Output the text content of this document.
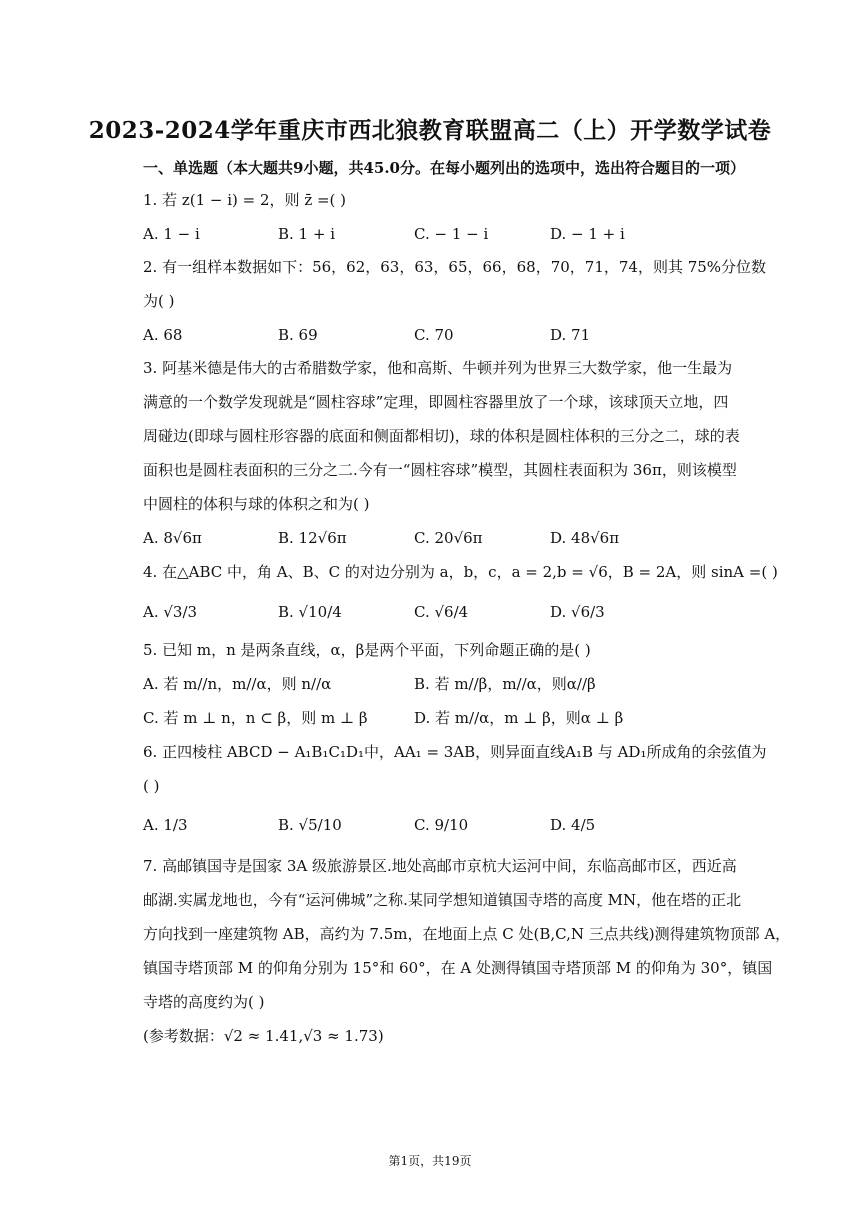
2023-2024学年重庆市西北狼教育联盟高二（上）开学数学试卷
一、单选题（本大题共9小题，共45.0分。在每小题列出的选项中，选出符合题目的一项）
1. 若 z(1 − i) = 2，则 z̄ =( )
A. 1 − i	B. 1 + i	C. − 1 − i	D. − 1 + i
2. 有一组样本数据如下：56，62，63，63，65，66，68，70，71，74，则其 75%分位数
为( )
A. 68	B. 69	C. 70	D. 71
3. 阿基米德是伟大的古希腊数学家，他和高斯、牛顿并列为世界三大数学家，他一生最为
满意的一个数学发现就是“圆柱容球”定理，即圆柱容器里放了一个球，该球顶天立地，四
周碰边(即球与圆柱形容器的底面和侧面都相切)，球的体积是圆柱体积的三分之二，球的表
面积也是圆柱表面积的三分之二.今有一“圆柱容球”模型，其圆柱表面积为 36π，则该模型
中圆柱的体积与球的体积之和为( )
A. 8√6π	B. 12√6π	C. 20√6π	D. 48√6π
4. 在△ABC 中，角 A、B、C 的对边分别为 a，b，c，a = 2,b = √6，B = 2A，则 sinA =( )
A. √3/3	B. √10/4	C. √6/4	D. √6/3
5. 已知 m，n 是两条直线，α，β是两个平面，下列命题正确的是( )
A. 若 m//n，m//α，则 n//α	B. 若 m//β，m//α，则α//β
C. 若 m ⊥ n，n ⊂ β，则 m ⊥ β	D. 若 m//α，m ⊥ β，则α ⊥ β
6. 正四棱柱 ABCD − A₁B₁C₁D₁中，AA₁ = 3AB，则异面直线A₁B 与 AD₁所成角的余弦值为
( )
A. 1/3	B. √5/10	C. 9/10	D. 4/5
7. 高邮镇国寺是国家 3A 级旅游景区.地处高邮市京杭大运河中间，东临高邮市区，西近高
邮湖.实属龙地也，今有“运河佛城”之称.某同学想知道镇国寺塔的高度 MN，他在塔的正北
方向找到一座建筑物 AB，高约为 7.5m，在地面上点 C 处(B,C,N 三点共线)测得建筑物顶部 A，
镇国寺塔顶部 M 的仰角分别为 15°和 60°，在 A 处测得镇国寺塔顶部 M 的仰角为 30°，镇国
寺塔的高度约为( )
(参考数据：√2 ≈ 1.41,√3 ≈ 1.73)
第1页，共19页
